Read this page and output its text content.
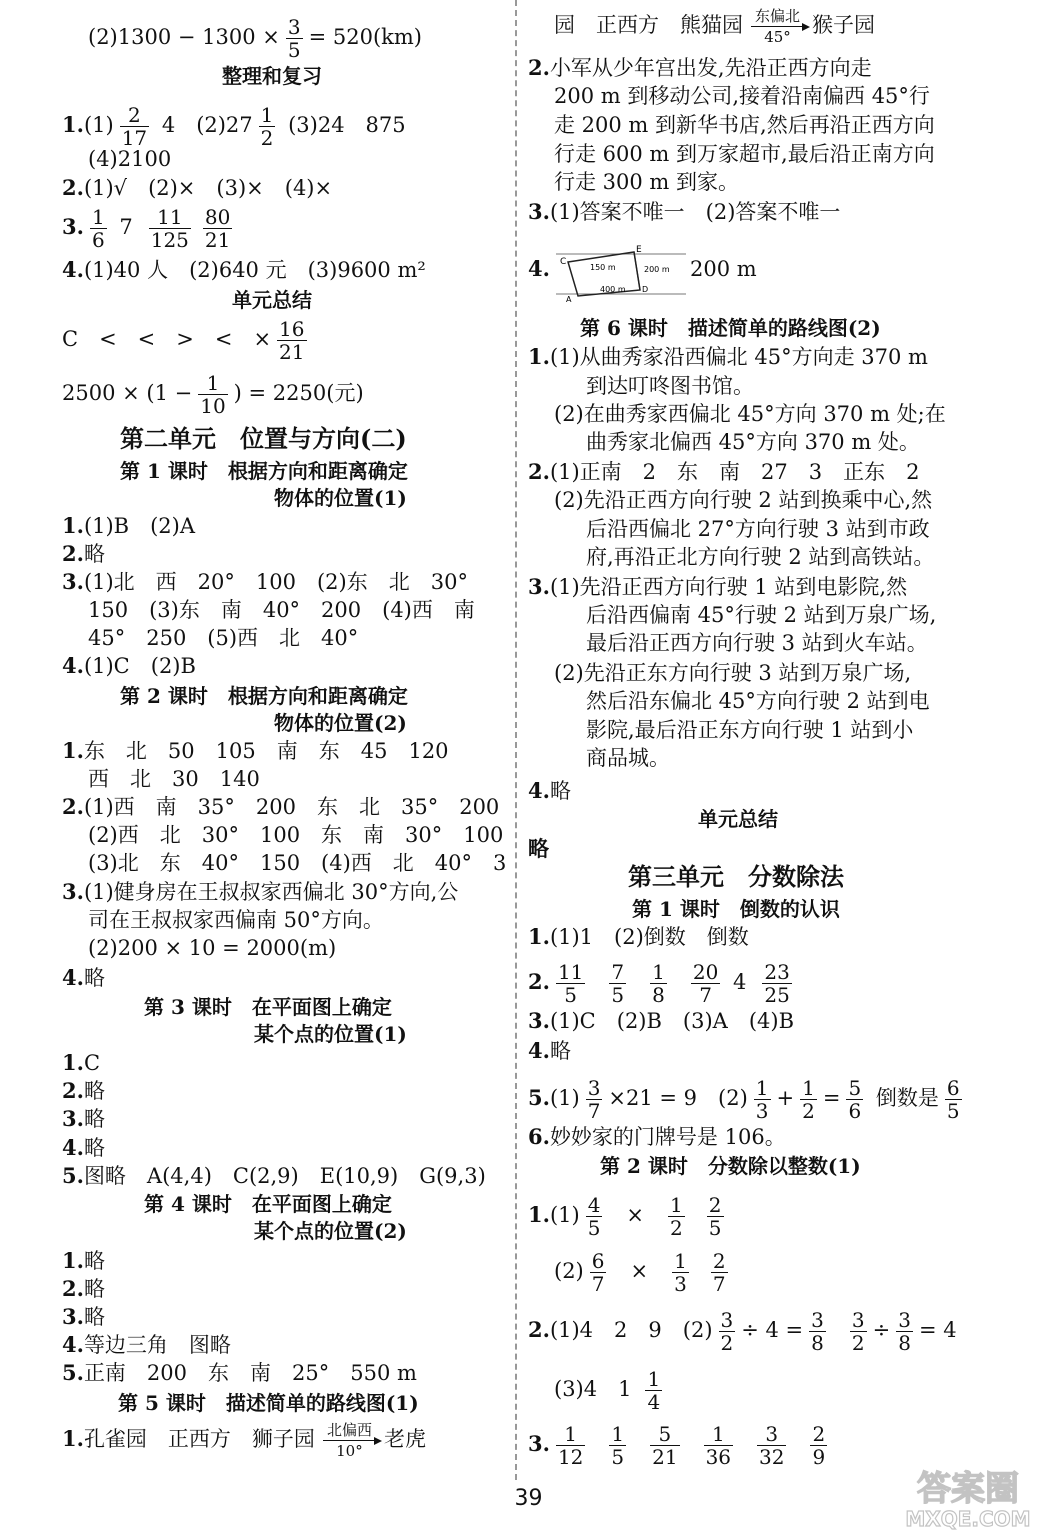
$(2)1300 - 1300 \times \frac{3}{5} = 520(km)$
整理和复习
$1.(1) \frac{2}{17} 4$　$(2)27 \frac{1}{2} (3)24$　875
(4)2100
2.(1)√　(2)×　(3)×　(4)×
3. $\frac{1}{6} 7 \frac{11}{125} \frac{80}{21}$
4.(1)40 人　(2)640 元　(3)9600 m²
单元总结
C　<　<　>　<　× $\frac{16}{21}$
$2500 \times (1 - \frac{1}{10}$ ) = 2250(元)
第二单元　位置与方向(二)
第 1 课时　根据方向和距离确定
物体的位置(1)
1.(1)B　(2)A
2.略
3.(1)北　西　20°　100　(2)东　北　30°
150　(3)东　南　40°　200　(4)西　南
45°　250　(5)西　北　40°
4.(1)C　(2)B
第 2 课时　根据方向和距离确定
物体的位置(2)
1.东　北　50　105　南　东　45　120
西　北　30　140
2.(1)西　南　35°　200　东　北　35°　200
(2)西　北　30°　100　东　南　30°　100
(3)北　东　40°　150　(4)西　北　40°　3
3.(1)健身房在王叔叔家西偏北 30°方向,公
司在王叔叔家西偏南 50°方向。
(2)200 × 10 = 2000(m)
4.略
第 3 课时　在平面图上确定
某个点的位置(1)
1.C
2.略
3.略
4.略
5.图略　A(4,4)　C(2,9)　E(10,9)　G(9,3)
第 4 课时　在平面图上确定
某个点的位置(2)
1.略
2.略
3.略
4.等边三角　图略
5.正南　200　东　南　25°　550 m
第 5 课时　描述简单的路线图(1)
1.孔雀园　正西方　狮子园 北偏西
10°	老虎
园　正西方　熊猫园 东偏北
45°	猴子园
2.小军从少年宫出发,先沿正西方向走
200 m 到移动公司,接着沿南偏西 45°行
走 200 m 到新华书店,然后再沿正西方向
行走 600 m 到万家超市,最后沿正南方向
行走 300 m 到家。
3.(1)答案不唯一　(2)答案不唯一
4. C
E
D
A
150 m	200 m
400 m
200 m
第 6 课时　描述简单的路线图(2)
1.(1)从曲秀家沿西偏北 45°方向走 370 m
到达叮咚图书馆。
(2)在曲秀家西偏北 45°方向 370 m 处;在
曲秀家北偏西 45°方向 370 m 处。
2.(1)正南　2　东　南　27　3　正东　2
(2)先沿正西方向行驶 2 站到换乘中心,然
后沿西偏北 27°方向行驶 3 站到市政
府,再沿正北方向行驶 2 站到高铁站。
3.(1)先沿正西方向行驶 1 站到电影院,然
后沿西偏南 45°行驶 2 站到万泉广场,
最后沿正西方向行驶 3 站到火车站。
(2)先沿正东方向行驶 3 站到万泉广场,
然后沿东偏北 45°方向行驶 2 站到电
影院,最后沿正东方向行驶 1 站到小
商品城。
4.略
单元总结
略
第三单元　分数除法
第 1 课时　倒数的认识
1.(1)1　(2)倒数　倒数
2. $\frac{11}{5} \frac{7}{5} \frac{1}{8} \frac{20}{7} 4 \frac{23}{25}$
3.(1)C　(2)B　(3)A　(4)B
4.略
$5.(1) \frac{3}{7} \times 21 = 9$　$(2) \frac{1}{3} + \frac{1}{2} = \frac{5}{6}$ 倒数是 $\frac{6}{5}$
6.妙妙家的门牌号是 106。
第 2 课时　分数除以整数(1)
$1.(1) \frac{4}{5} \times \frac{1}{2} \frac{2}{5}$
$(2) \frac{6}{7} \times \frac{1}{3} \frac{2}{7}$
2.(1)4　2　9　$(2) \frac{3}{2} \div 4 = \frac{3}{8} \frac{3}{2} \div \frac{3}{8} = 4$
(3)4　$1 \frac{1}{4}$
3. $\frac{1}{12} \frac{1}{5} \frac{5}{21} \frac{1}{36} \frac{3}{32} \frac{2}{9}$
39	答案圈
MXQE.COM
